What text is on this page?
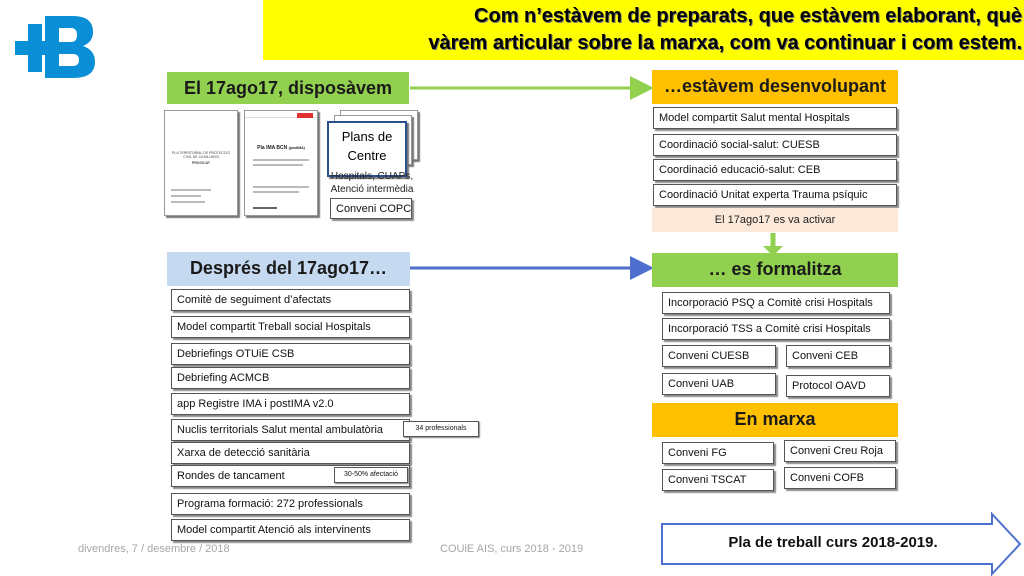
Com n’estàvem de preparats, que estàvem elaborant, què
vàrem articular sobre la marxa, com va continuar i com estem.
El 17ago17, disposàvem
PLA TERRITORIAL DE PROTECCIÓ CIVIL DE CATALUNYA
PROCICAT
Pla IMA BCN (postIMA)
Plans de Centre
Hospitals, CUAPs, Atenció intermèdia
Conveni COPC
…estàvem desenvolupant
Model compartit Salut mental Hospitals
Coordinació social-salut: CUESB
Coordinació educació-salut: CEB
Coordinació Unitat experta Trauma psíquic
El 17ago17 es va activar
Després del 17ago17…
Comitè de seguiment d’afectats
Model compartit Treball social Hospitals
Debriefings OTUiE CSB
Debriefing ACMCB
app Registre IMA i postIMA v2.0
Nuclis territorials Salut mental ambulatòria	34 professionals
Xarxa de detecció sanitària
Rondes de tancament	30-50% afectació
Programa formació: 272 professionals
Model compartit Atenció als intervinents
… es formalitza
Incorporació PSQ a Comitè crisi Hospitals
Incorporació TSS a Comitè crisi Hospitals
Conveni CUESB	Conveni CEB
Conveni UAB	Protocol OAVD
En marxa
Conveni FG	Conveni Creu Roja
Conveni TSCAT	Conveni COFB
Pla de treball curs 2018-2019.
divendres, 7 / desembre / 2018	COUiE AIS, curs 2018 - 2019
